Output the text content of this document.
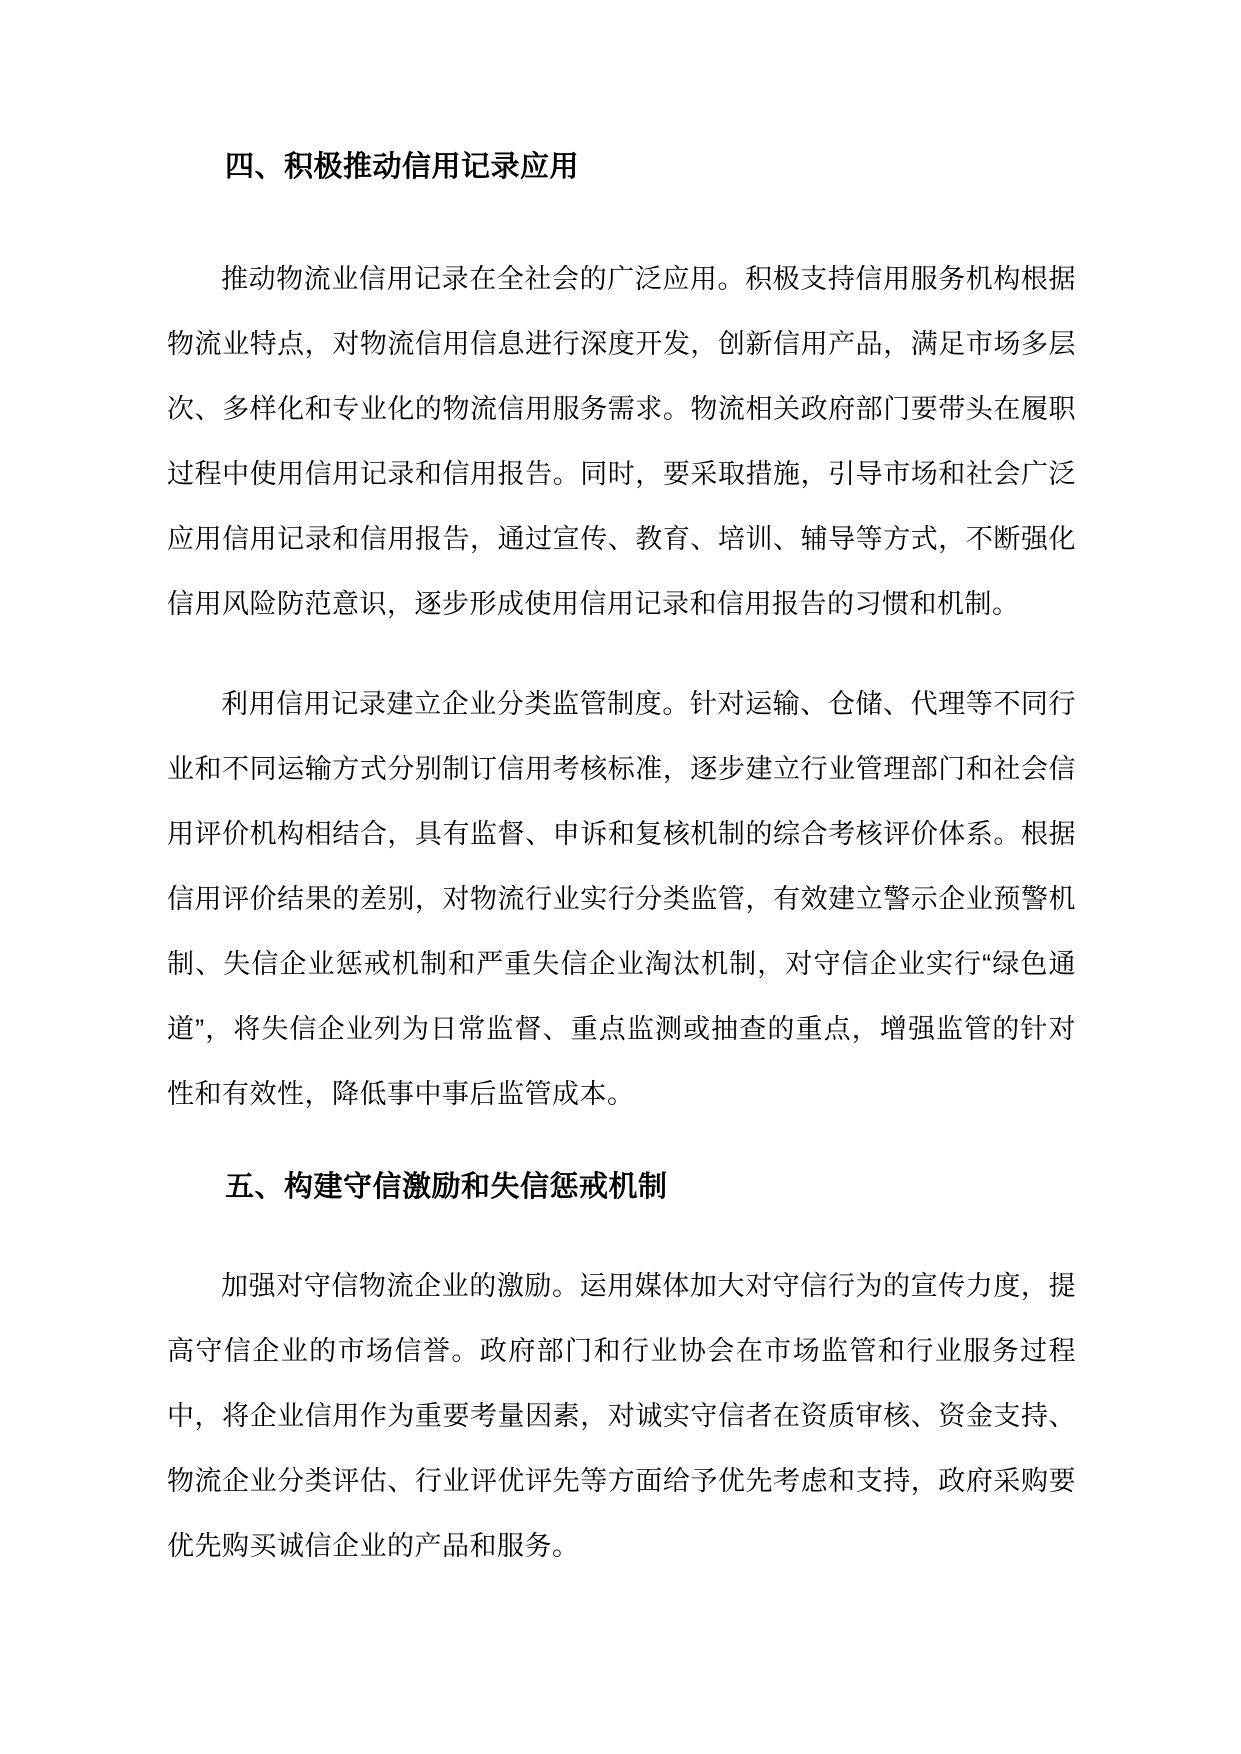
四、积极推动信用记录应用

推动物流业信用记录在全社会的广泛应用。积极支持信用服务机构根据物流业特点，对物流信用信息进行深度开发，创新信用产品，满足市场多层次、多样化和专业化的物流信用服务需求。物流相关政府部门要带头在履职过程中使用信用记录和信用报告。同时，要采取措施，引导市场和社会广泛应用信用记录和信用报告，通过宣传、教育、培训、辅导等方式，不断强化信用风险防范意识，逐步形成使用信用记录和信用报告的习惯和机制。

利用信用记录建立企业分类监管制度。针对运输、仓储、代理等不同行业和不同运输方式分别制订信用考核标准，逐步建立行业管理部门和社会信用评价机构相结合，具有监督、申诉和复核机制的综合考核评价体系。根据信用评价结果的差别，对物流行业实行分类监管，有效建立警示企业预警机制、失信企业惩戒机制和严重失信企业淘汰机制，对守信企业实行“绿色通道”，将失信企业列为日常监督、重点监测或抽查的重点，增强监管的针对性和有效性，降低事中事后监管成本。

五、构建守信激励和失信惩戒机制

加强对守信物流企业的激励。运用媒体加大对守信行为的宣传力度，提高守信企业的市场信誉。政府部门和行业协会在市场监管和行业服务过程中，将企业信用作为重要考量因素，对诚实守信者在资质审核、资金支持、物流企业分类评估、行业评优评先等方面给予优先考虑和支持，政府采购要优先购买诚信企业的产品和服务。
